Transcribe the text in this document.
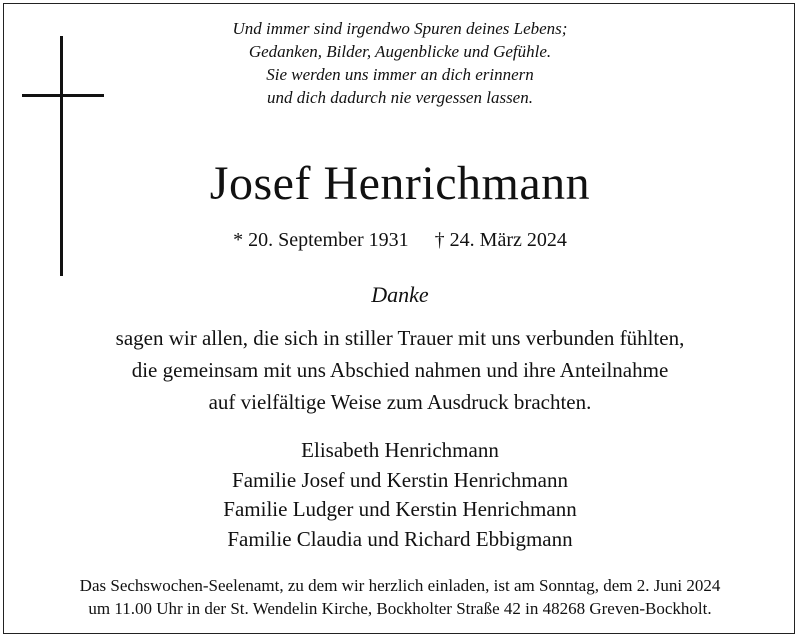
Und immer sind irgendwo Spuren deines Lebens;
Gedanken, Bilder, Augenblicke und Gefühle.
Sie werden uns immer an dich erinnern
und dich dadurch nie vergessen lassen.
Josef Henrichmann
* 20. September 1931 † 24. März 2024
Danke
sagen wir allen, die sich in stiller Trauer mit uns verbunden fühlten,
die gemeinsam mit uns Abschied nahmen und ihre Anteilnahme
auf vielfältige Weise zum Ausdruck brachten.
Elisabeth Henrichmann
Familie Josef und Kerstin Henrichmann
Familie Ludger und Kerstin Henrichmann
Familie Claudia und Richard Ebbigmann
Das Sechswochen-Seelenamt, zu dem wir herzlich einladen, ist am Sonntag, dem 2. Juni 2024
um 11.00 Uhr in der St. Wendelin Kirche, Bockholter Straße 42 in 48268 Greven-Bockholt.
